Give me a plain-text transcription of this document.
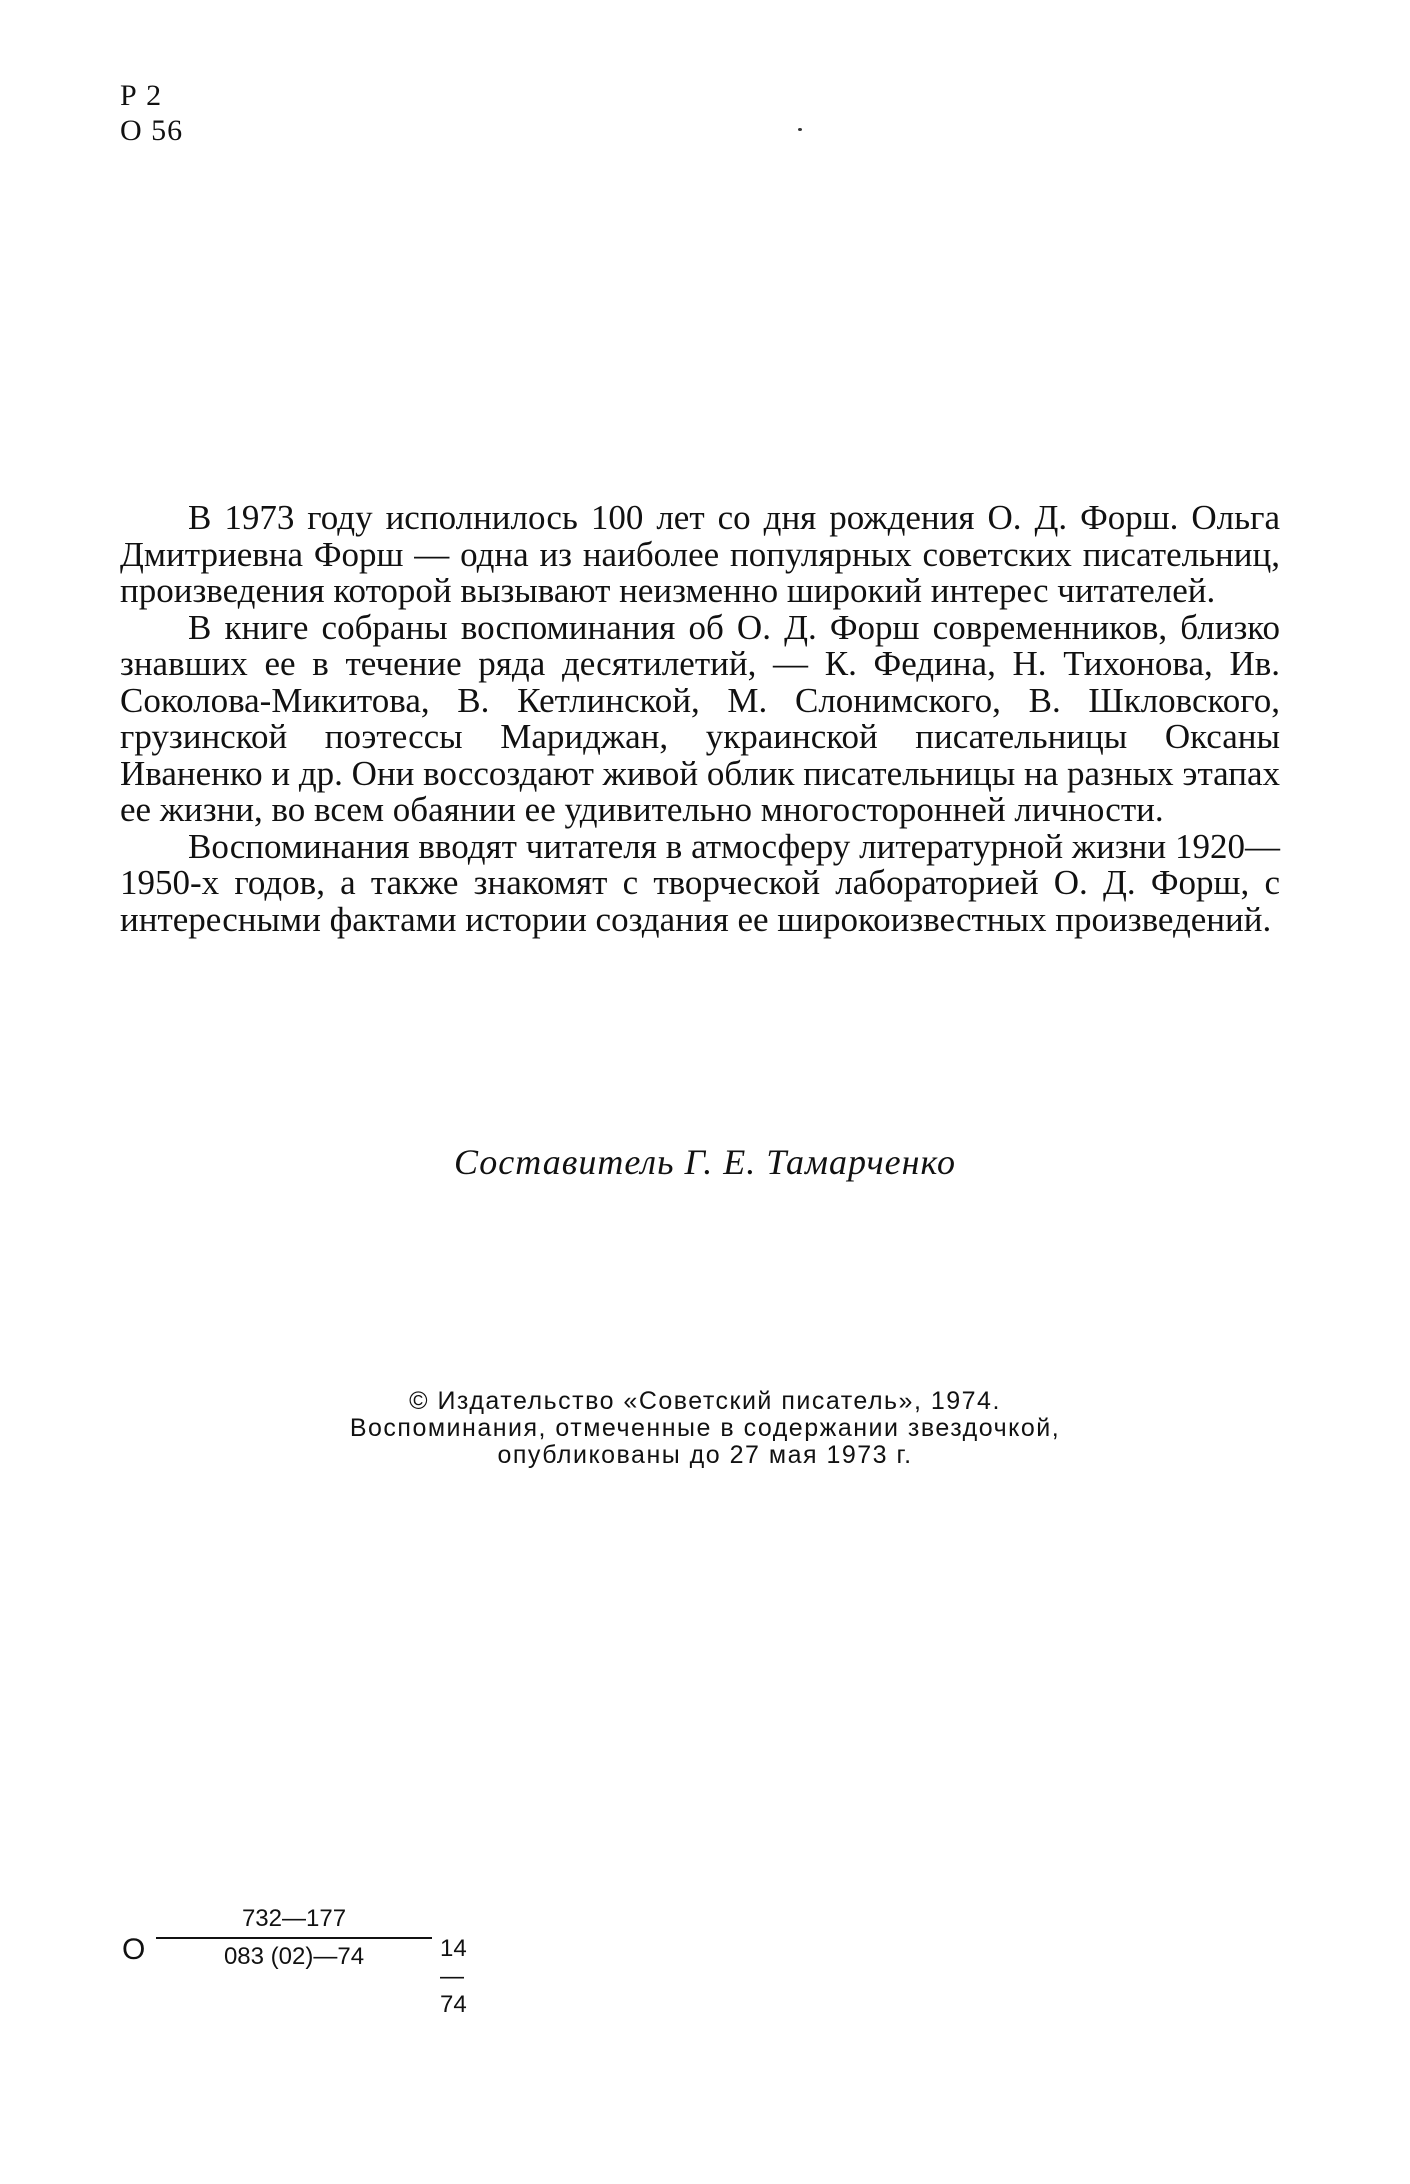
Р 2
О 56

В 1973 году исполнилось 100 лет со дня рождения О. Д. Форш. Ольга Дмитриевна Форш — одна из наиболее популярных советских писательниц, произведения которой вызывают неизменно широкий интерес читателей.

В книге собраны воспоминания об О. Д. Форш современников, близко знавших ее в течение ряда десятилетий, — К. Федина, Н. Тихонова, Ив. Соколова-Микитова, В. Кетлинской, М. Слонимского, В. Шкловского, грузинской поэтессы Мариджан, украинской писательницы Оксаны Иваненко и др. Они воссоздают живой облик писательницы на разных этапах ее жизни, во всем обаянии ее удивительно многосторонней личности.

Воспоминания вводят читателя в атмосферу литературной жизни 1920—1950-х годов, а также знакомят с творческой лабораторией О. Д. Форш, с интересными фактами истории создания ее широкоизвестных произведений.

Составитель Г. Е. Тамарченко
© Издательство «Советский писатель», 1974.
Воспоминания, отмеченные в содержании звездочкой,
опубликованы до 27 мая 1973 г.
О
732—177
083 (02)—74	14—74
